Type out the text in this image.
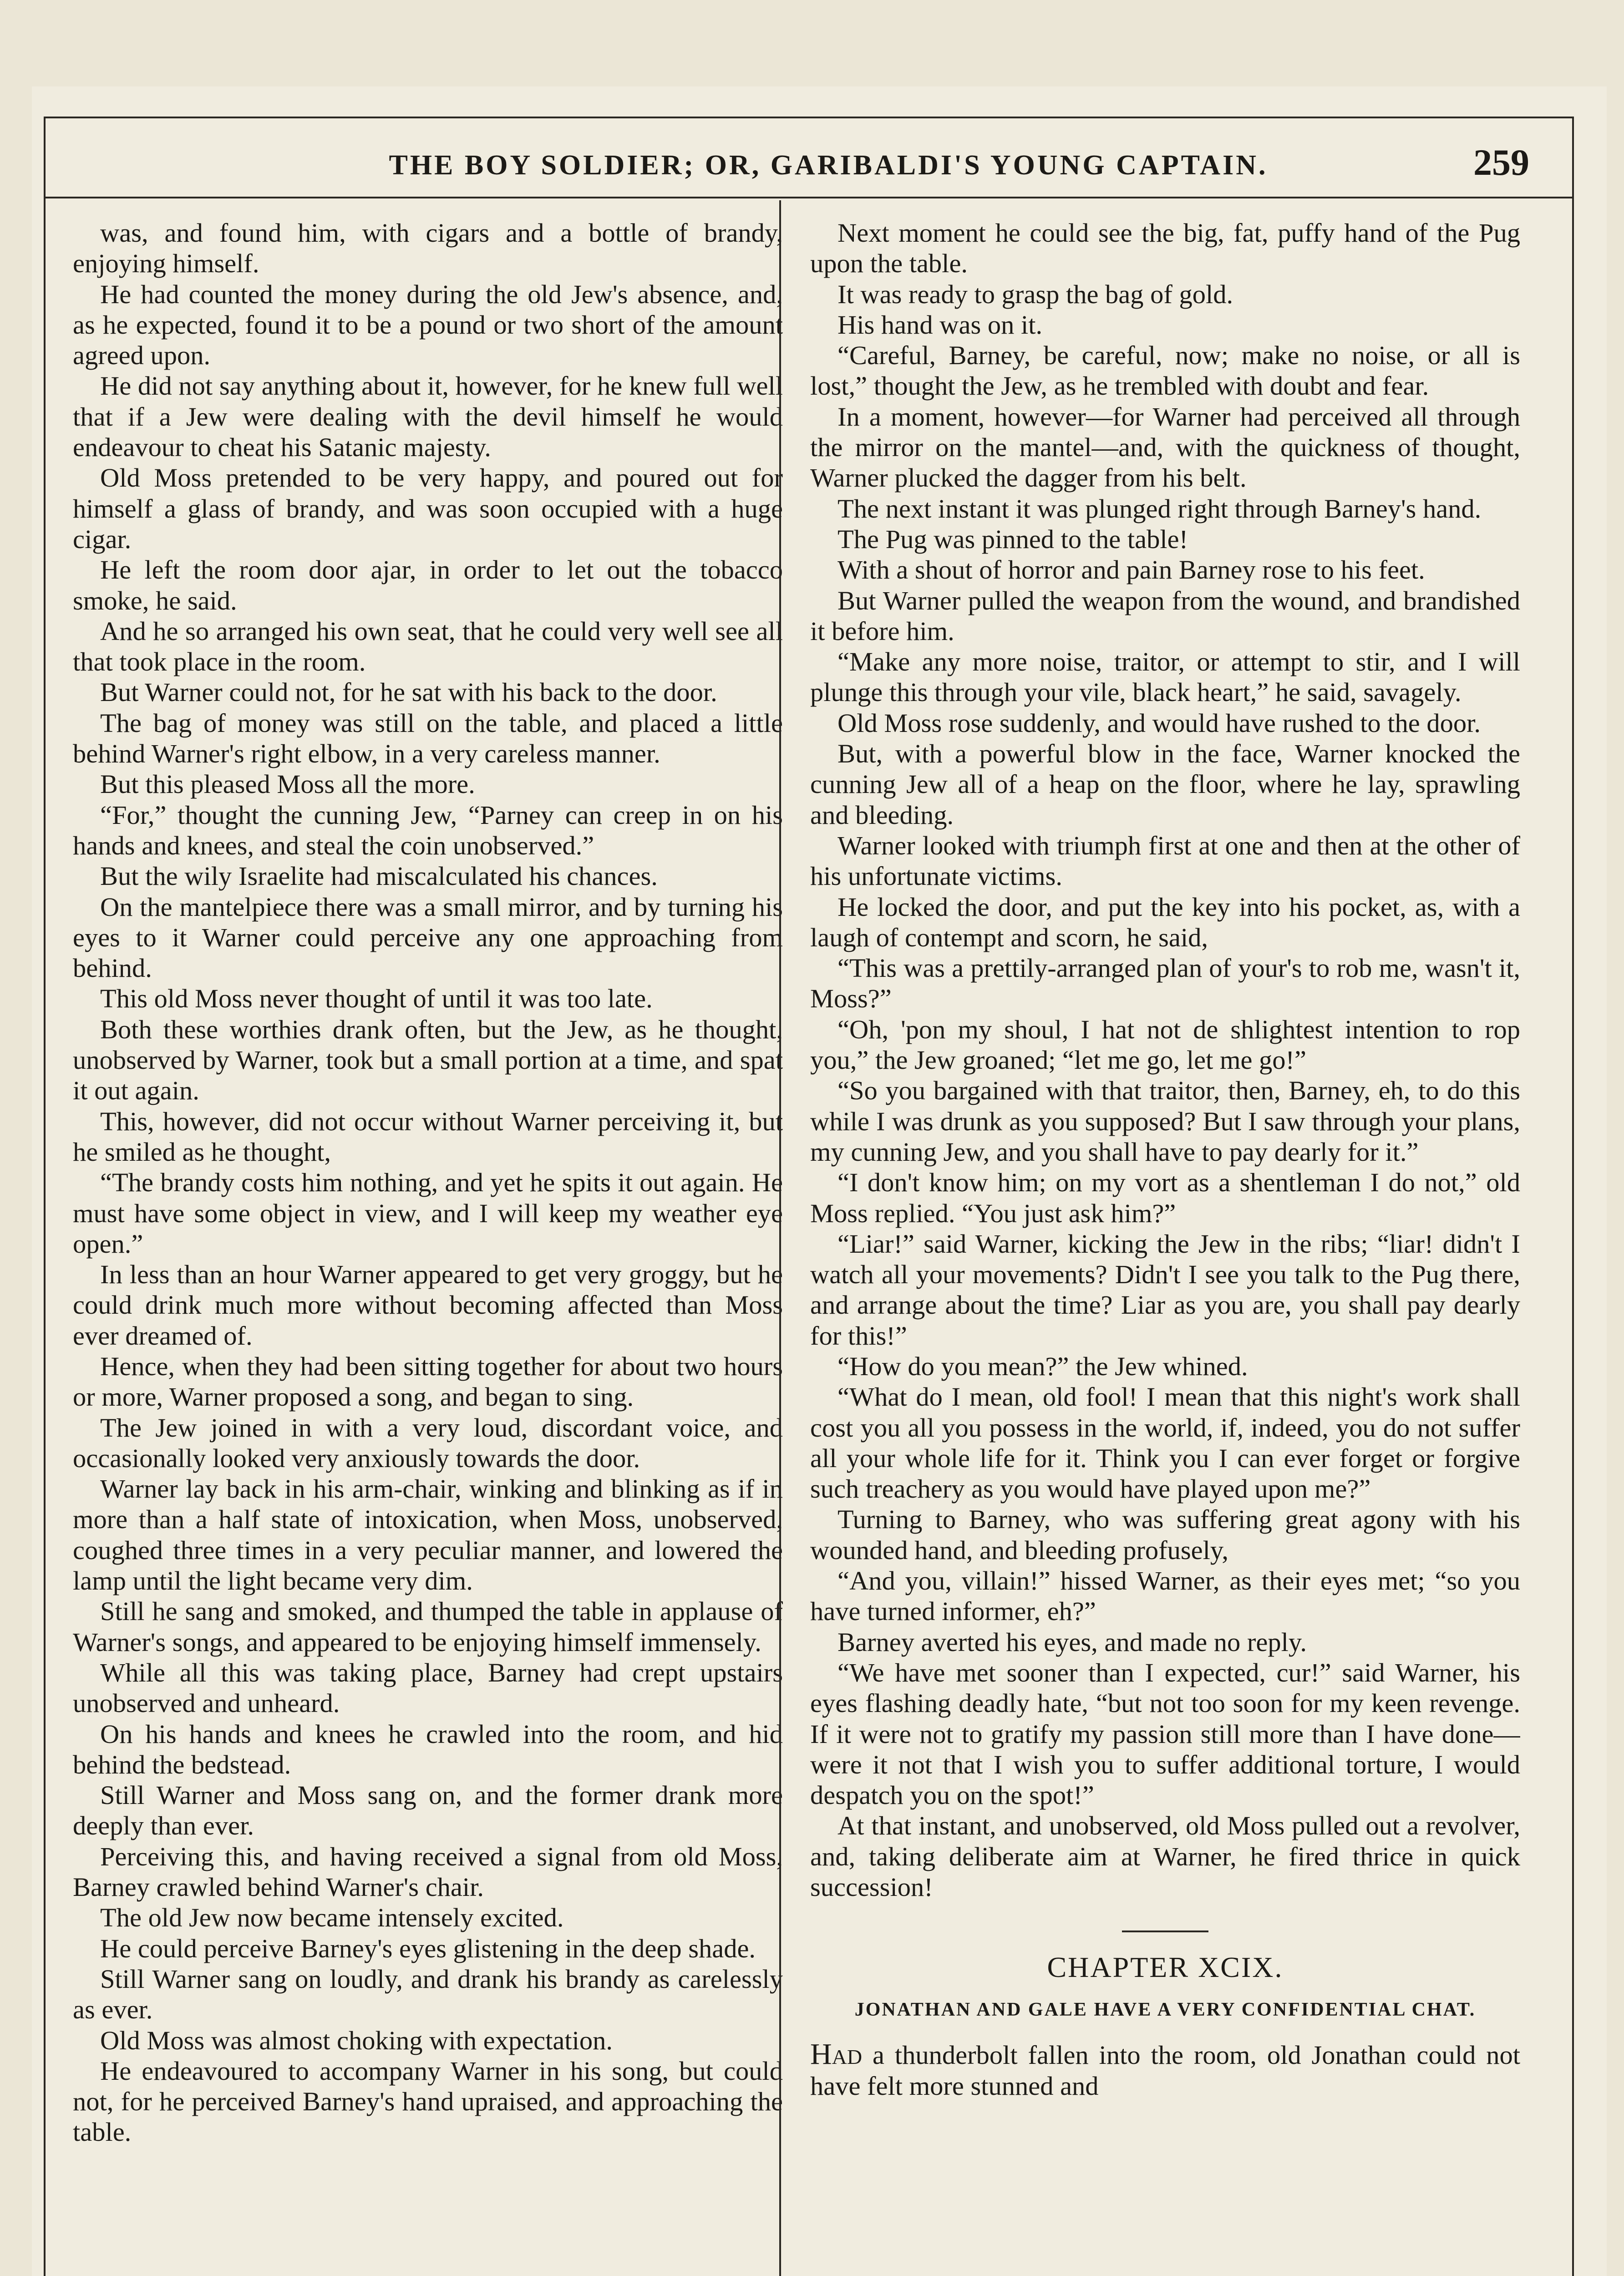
THE BOY SOLDIER; OR, GARIBALDI'S YOUNG CAPTAIN.	259

was, and found him, with cigars and a bottle of brandy, enjoying himself.

He had counted the money during the old Jew's absence, and, as he expected, found it to be a pound or two short of the amount agreed upon.

He did not say anything about it, however, for he knew full well that if a Jew were dealing with the devil himself he would endeavour to cheat his Satanic majesty.

Old Moss pretended to be very happy, and poured out for himself a glass of brandy, and was soon occupied with a huge cigar.

He left the room door ajar, in order to let out the tobacco smoke, he said.

And he so arranged his own seat, that he could very well see all that took place in the room.

But Warner could not, for he sat with his back to the door.

The bag of money was still on the table, and placed a little behind Warner's right elbow, in a very careless manner.

But this pleased Moss all the more.

“For,” thought the cunning Jew, “Parney can creep in on his hands and knees, and steal the coin unobserved.”

But the wily Israelite had miscalculated his chances.

On the mantelpiece there was a small mirror, and by turning his eyes to it Warner could perceive any one approaching from behind.

This old Moss never thought of until it was too late.

Both these worthies drank often, but the Jew, as he thought, unobserved by Warner, took but a small portion at a time, and spat it out again.

This, however, did not occur without Warner perceiving it, but he smiled as he thought,

“The brandy costs him nothing, and yet he spits it out again. He must have some object in view, and I will keep my weather eye open.”

In less than an hour Warner appeared to get very groggy, but he could drink much more without becoming affected than Moss ever dreamed of.

Hence, when they had been sitting together for about two hours or more, Warner proposed a song, and began to sing.

The Jew joined in with a very loud, discordant voice, and occasionally looked very anxiously towards the door.

Warner lay back in his arm-chair, winking and blinking as if in more than a half state of intoxication, when Moss, unobserved, coughed three times in a very peculiar manner, and lowered the lamp until the light became very dim.

Still he sang and smoked, and thumped the table in applause of Warner's songs, and appeared to be enjoying himself immensely.

While all this was taking place, Barney had crept upstairs unobserved and unheard.

On his hands and knees he crawled into the room, and hid behind the bedstead.

Still Warner and Moss sang on, and the former drank more deeply than ever.

Perceiving this, and having received a signal from old Moss, Barney crawled behind Warner's chair.

The old Jew now became intensely excited.

He could perceive Barney's eyes glistening in the deep shade.

Still Warner sang on loudly, and drank his brandy as carelessly as ever.

Old Moss was almost choking with expectation.

He endeavoured to accompany Warner in his song, but could not, for he perceived Barney's hand upraised, and approaching the table.

Next moment he could see the big, fat, puffy hand of the Pug upon the table.

It was ready to grasp the bag of gold.

His hand was on it.

“Careful, Barney, be careful, now; make no noise, or all is lost,” thought the Jew, as he trembled with doubt and fear.

In a moment, however—for Warner had perceived all through the mirror on the mantel—and, with the quickness of thought, Warner plucked the dagger from his belt.

The next instant it was plunged right through Barney's hand.

The Pug was pinned to the table!

With a shout of horror and pain Barney rose to his feet.

But Warner pulled the weapon from the wound, and brandished it before him.

“Make any more noise, traitor, or attempt to stir, and I will plunge this through your vile, black heart,” he said, savagely.

Old Moss rose suddenly, and would have rushed to the door.

But, with a powerful blow in the face, Warner knocked the cunning Jew all of a heap on the floor, where he lay, sprawling and bleeding.

Warner looked with triumph first at one and then at the other of his unfortunate victims.

He locked the door, and put the key into his pocket, as, with a laugh of contempt and scorn, he said,

“This was a prettily-arranged plan of your's to rob me, wasn't it, Moss?”

“Oh, 'pon my shoul, I hat not de shlightest intention to rop you,” the Jew groaned; “let me go, let me go!”

“So you bargained with that traitor, then, Barney, eh, to do this while I was drunk as you supposed? But I saw through your plans, my cunning Jew, and you shall have to pay dearly for it.”

“I don't know him; on my vort as a shentleman I do not,” old Moss replied. “You just ask him?”

“Liar!” said Warner, kicking the Jew in the ribs; “liar! didn't I watch all your movements? Didn't I see you talk to the Pug there, and arrange about the time? Liar as you are, you shall pay dearly for this!”

“How do you mean?” the Jew whined.

“What do I mean, old fool! I mean that this night's work shall cost you all you possess in the world, if, indeed, you do not suffer all your whole life for it. Think you I can ever forget or forgive such treachery as you would have played upon me?”

Turning to Barney, who was suffering great agony with his wounded hand, and bleeding profusely,

“And you, villain!” hissed Warner, as their eyes met; “so you have turned informer, eh?”

Barney averted his eyes, and made no reply.

“We have met sooner than I expected, cur!” said Warner, his eyes flashing deadly hate, “but not too soon for my keen revenge. If it were not to gratify my passion still more than I have done—were it not that I wish you to suffer additional torture, I would despatch you on the spot!”

At that instant, and unobserved, old Moss pulled out a revolver, and, taking deliberate aim at Warner, he fired thrice in quick succession!

CHAPTER XCIX.
JONATHAN AND GALE HAVE A VERY CONFIDENTIAL CHAT.

Had a thunderbolt fallen into the room, old Jonathan could not have felt more stunned and
